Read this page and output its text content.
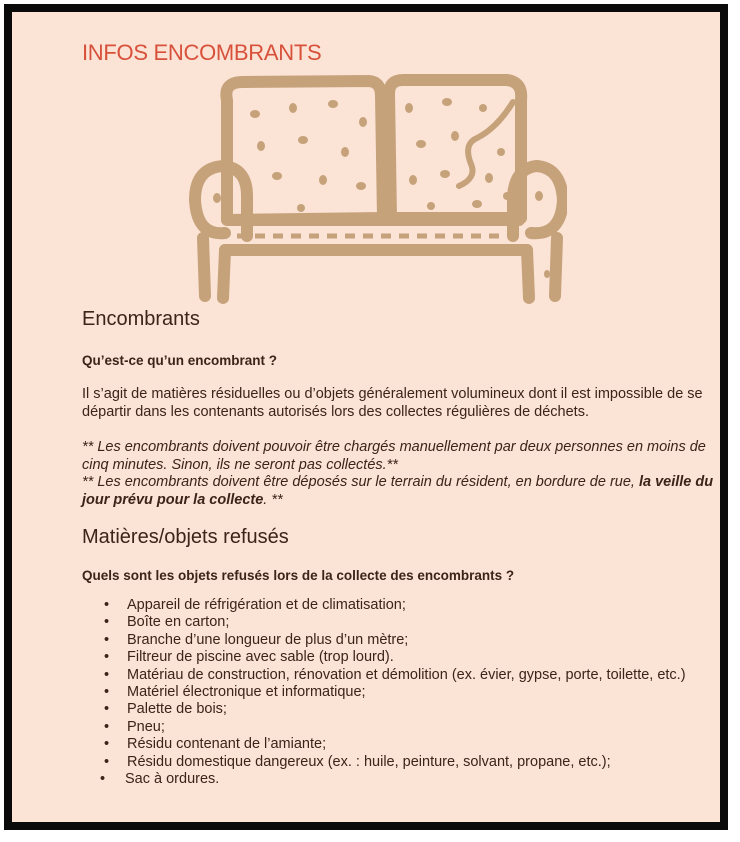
INFOS ENCOMBRANTS
Encombrants

Qu’est-ce qu’un encombrant ?

Il s’agit de matières résiduelles ou d’objets généralement volumineux dont il est impossible de se départir dans les contenants autorisés lors des collectes régulières de déchets.

** Les encombrants doivent pouvoir être chargés manuellement par deux personnes en moins de cinq minutes. Sinon, ils ne seront pas collectés.**

** Les encombrants doivent être déposés sur le terrain du résident, en bordure de rue, la veille du jour prévu pour la collecte. **

Matières/objets refusés

Quels sont les objets refusés lors de la collecte des encombrants ?

• Appareil de réfrigération et de climatisation;
• Boîte en carton;
• Branche d’une longueur de plus d’un mètre;
• Filtreur de piscine avec sable (trop lourd).
• Matériau de construction, rénovation et démolition (ex. évier, gypse, porte, toilette, etc.)
• Matériel électronique et informatique;
• Palette de bois;
• Pneu;
• Résidu contenant de l’amiante;
• Résidu domestique dangereux (ex. : huile, peinture, solvant, propane, etc.);
• Sac à ordures.
